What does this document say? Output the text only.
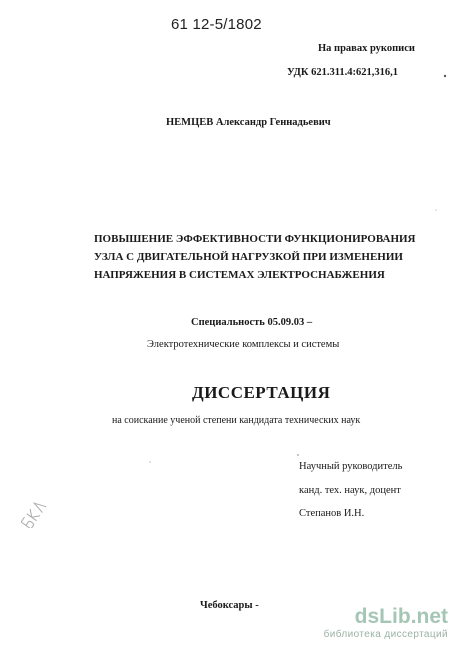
61 12-5/1802
На правах рукописи
УДК 621.311.4:621,316,1
НЕМЦЕВ Александр Геннадьевич
ПОВЫШЕНИЕ ЭФФЕКТИВНОСТИ ФУНКЦИОНИРОВАНИЯ
УЗЛА С ДВИГАТЕЛЬНОЙ НАГРУЗКОЙ ПРИ ИЗМЕНЕНИИ
НАПРЯЖЕНИЯ В СИСТЕМАХ ЭЛЕКТРОСНАБЖЕНИЯ
Специальность 05.09.03 –
Электротехнические комплексы и системы
ДИССЕРТАЦИЯ
на соискание ученой степени кандидата технических наук
Научный руководитель
канд. тех. наук, доцент
Степанов И.Н.
Чебоксары -	dsLib.net
библиотека диссертаций
